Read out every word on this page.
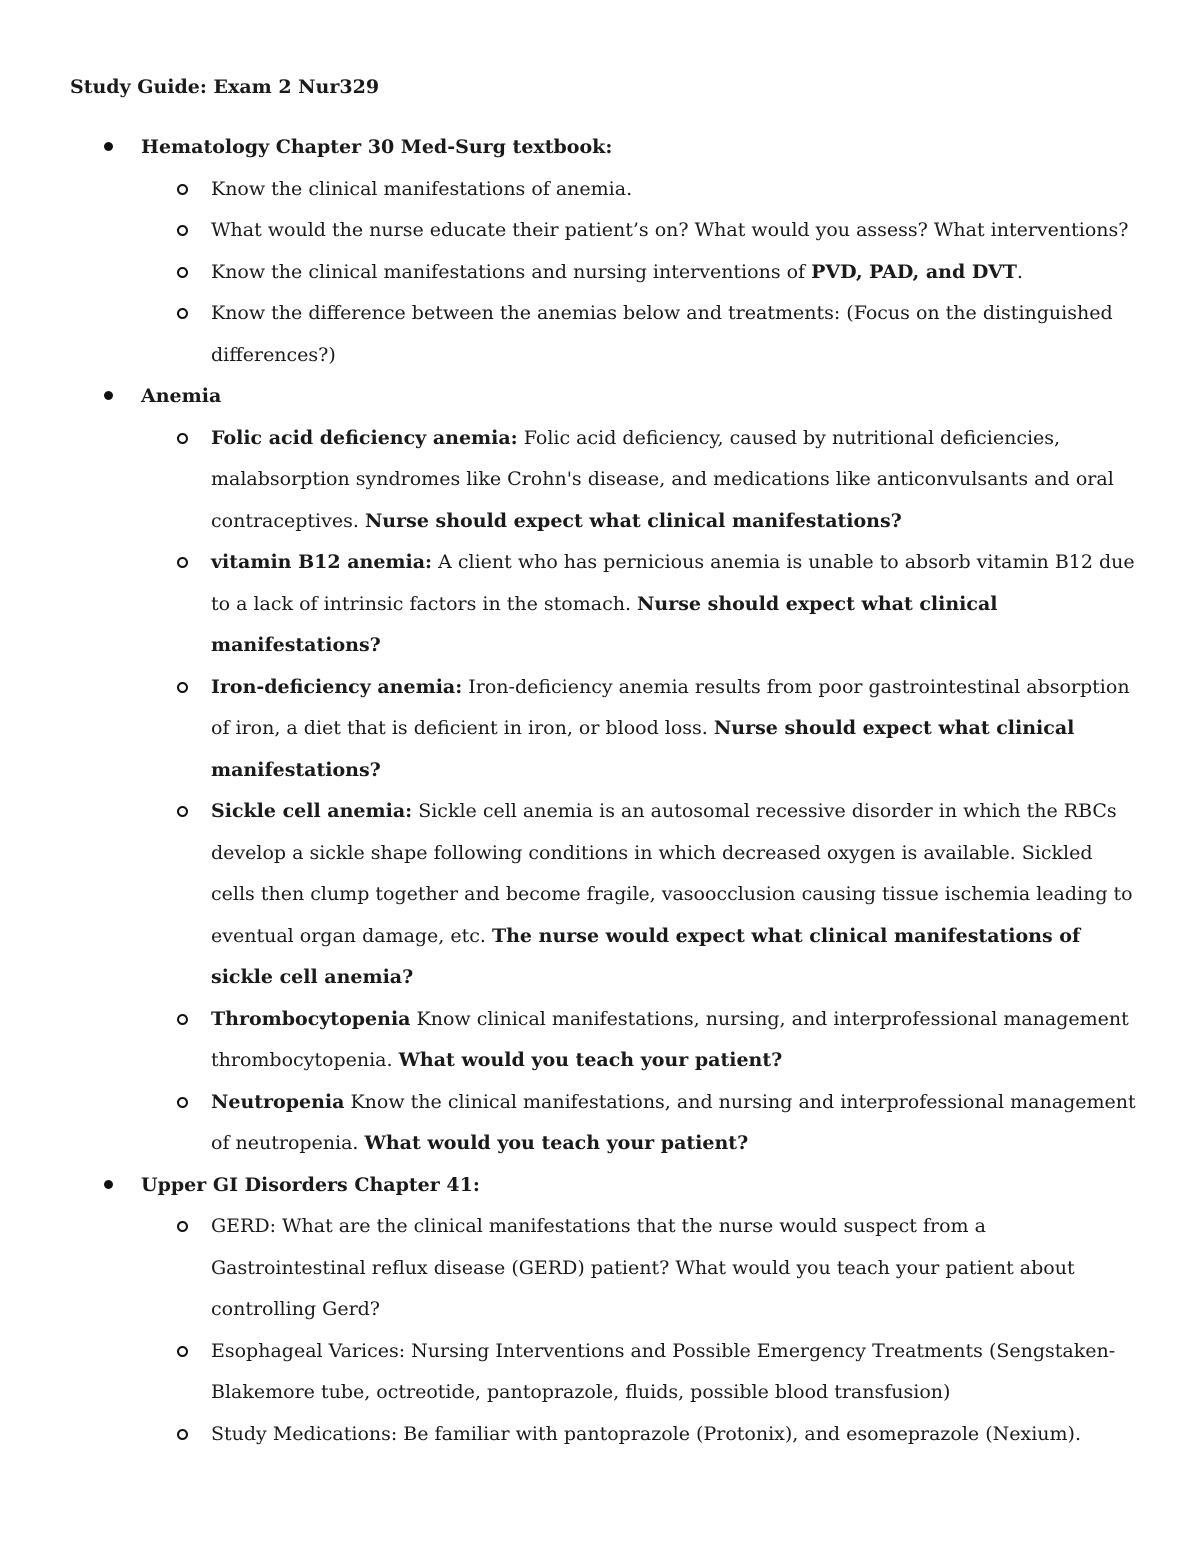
Study Guide: Exam 2 Nur329
Hematology Chapter 30 Med-Surg textbook:
Know the clinical manifestations of anemia.
What would the nurse educate their patient’s on? What would you assess? What interventions?
Know the clinical manifestations and nursing interventions of PVD, PAD, and DVT.
Know the difference between the anemias below and treatments: (Focus on the distinguished differences?)
Anemia
Folic acid deficiency anemia: Folic acid deficiency, caused by nutritional deficiencies, malabsorption syndromes like Crohn's disease, and medications like anticonvulsants and oral contraceptives. Nurse should expect what clinical manifestations?
vitamin B12 anemia: A client who has pernicious anemia is unable to absorb vitamin B12 due to a lack of intrinsic factors in the stomach. Nurse should expect what clinical manifestations?
Iron-deficiency anemia: Iron-deficiency anemia results from poor gastrointestinal absorption of iron, a diet that is deficient in iron, or blood loss. Nurse should expect what clinical manifestations?
Sickle cell anemia: Sickle cell anemia is an autosomal recessive disorder in which the RBCs develop a sickle shape following conditions in which decreased oxygen is available. Sickled cells then clump together and become fragile, vasoocclusion causing tissue ischemia leading to eventual organ damage, etc. The nurse would expect what clinical manifestations of sickle cell anemia?
Thrombocytopenia Know clinical manifestations, nursing, and interprofessional management thrombocytopenia. What would you teach your patient?
Neutropenia Know the clinical manifestations, and nursing and interprofessional management of neutropenia. What would you teach your patient?
Upper GI Disorders Chapter 41:
GERD: What are the clinical manifestations that the nurse would suspect from a Gastrointestinal reflux disease (GERD) patient? What would you teach your patient about controlling Gerd?
Esophageal Varices: Nursing Interventions and Possible Emergency Treatments (Sengstaken-Blakemore tube, octreotide, pantoprazole, fluids, possible blood transfusion)
Study Medications: Be familiar with pantoprazole (Protonix), and esomeprazole (Nexium).
